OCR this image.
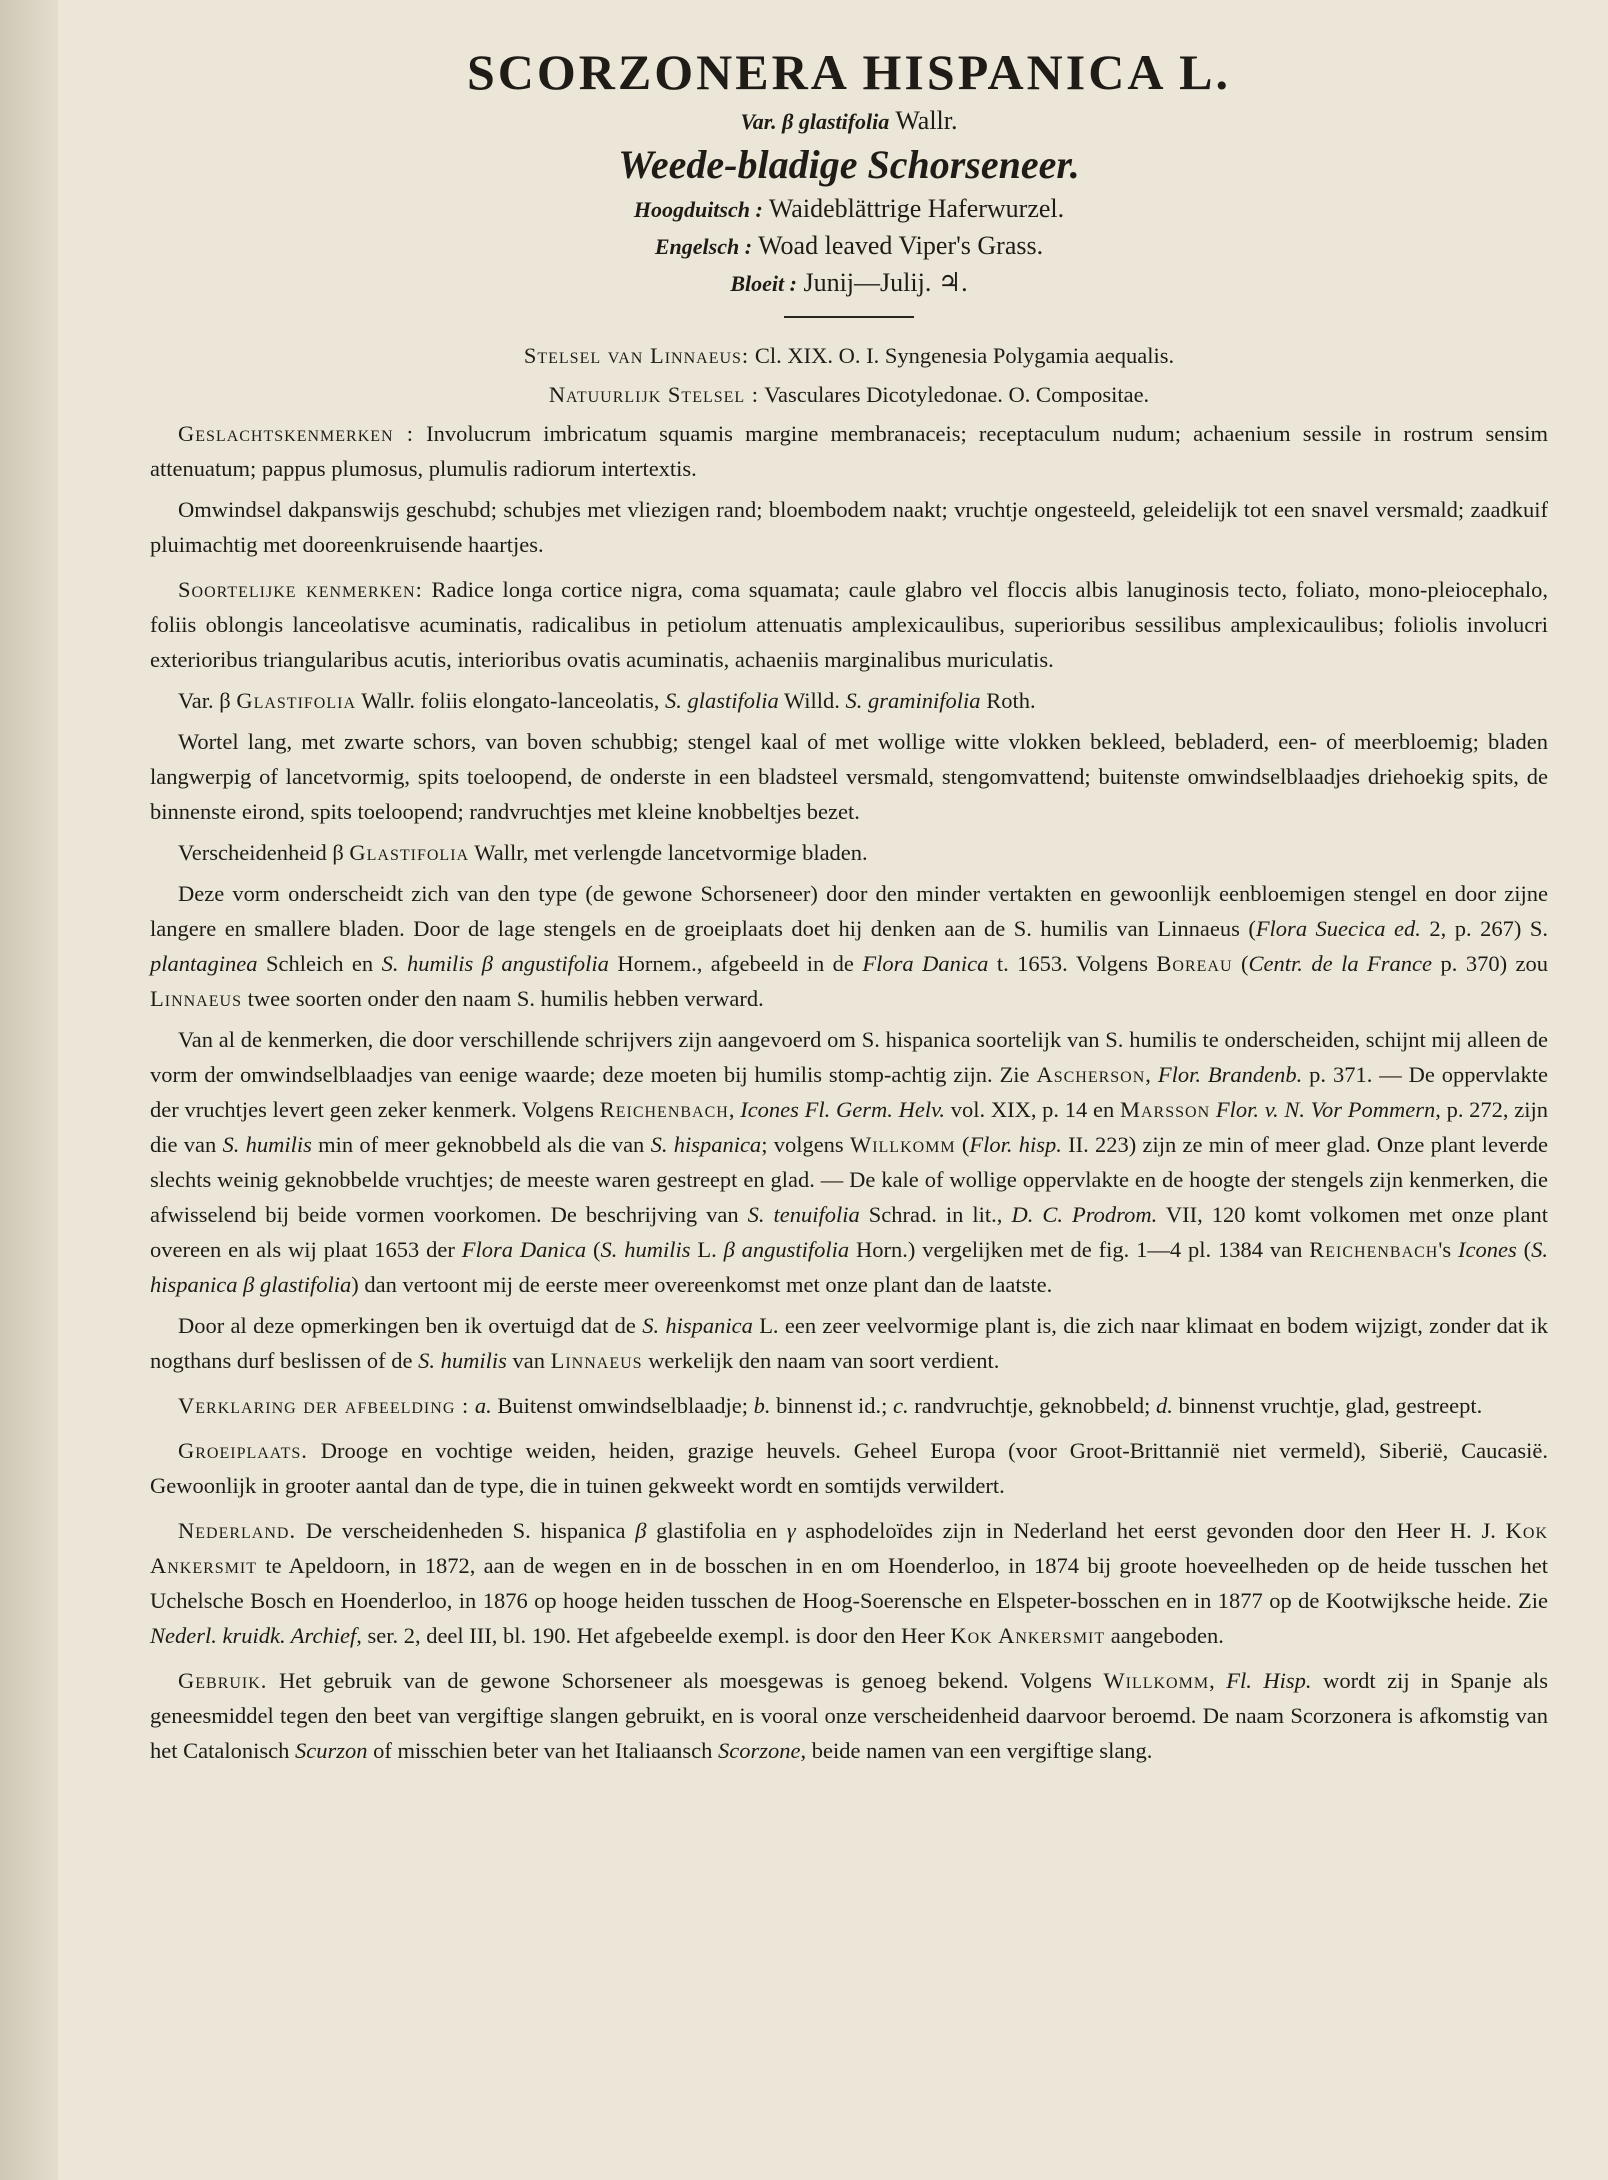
SCORZONERA HISPANICA L.
Var. β glastifolia Wallr.
Weede-bladige Schorseneer.
Hoogduitsch : Waideblättrige Haferwurzel.
Engelsch : Woad leaved Viper's Grass.
Bloeit : Junij—Julij. ♃.
Stelsel van Linnaeus: Cl. XIX. O. I. Syngenesia Polygamia aequalis.
Natuurlijk Stelsel : Vasculares Dicotyledonae. O. Compositae.

Geslachtskenmerken : Involucrum imbricatum squamis margine membranaceis; receptaculum nudum; achaenium sessile in rostrum sensim attenuatum; pappus plumosus, plumulis radiorum intertextis.

Omwindsel dakpanswijs geschubd; schubjes met vliezigen rand; bloembodem naakt; vruchtje ongesteeld, geleidelijk tot een snavel versmald; zaadkuif pluimachtig met dooreenkruisende haartjes.

Soortelijke kenmerken: Radice longa cortice nigra, coma squamata; caule glabro vel floccis albis lanuginosis tecto, foliato, mono-pleiocephalo, foliis oblongis lanceolatisve acuminatis, radicalibus in petiolum attenuatis amplexicaulibus, superioribus sessilibus amplexicaulibus; foliolis involucri exterioribus triangularibus acutis, interioribus ovatis acuminatis, achaeniis marginalibus muriculatis.

Var. β Glastifolia Wallr. foliis elongato-lanceolatis, S. glastifolia Willd. S. graminifolia Roth.

Wortel lang, met zwarte schors, van boven schubbig; stengel kaal of met wollige witte vlokken bekleed, bebladerd, een- of meerbloemig; bladen langwerpig of lancetvormig, spits toeloopend, de onderste in een bladsteel versmald, stengomvattend; buitenste omwindselblaadjes driehoekig spits, de binnenste eirond, spits toeloopend; randvruchtjes met kleine knobbeltjes bezet.

Verscheidenheid β Glastifolia Wallr, met verlengde lancetvormige bladen.

Deze vorm onderscheidt zich van den type (de gewone Schorseneer) door den minder vertakten en gewoonlijk eenbloemigen stengel en door zijne langere en smallere bladen. Door de lage stengels en de groeiplaats doet hij denken aan de S. humilis van Linnaeus (Flora Suecica ed. 2, p. 267) S. plantaginea Schleich en S. humilis β angustifolia Hornem., afgebeeld in de Flora Danica t. 1653. Volgens Boreau (Centr. de la France p. 370) zou Linnaeus twee soorten onder den naam S. humilis hebben verward.

Van al de kenmerken, die door verschillende schrijvers zijn aangevoerd om S. hispanica soortelijk van S. humilis te onderscheiden, schijnt mij alleen de vorm der omwindselblaadjes van eenige waarde; deze moeten bij humilis stomp-achtig zijn. Zie Ascherson, Flor. Brandenb. p. 371. — De oppervlakte der vruchtjes levert geen zeker kenmerk. Volgens Reichenbach, Icones Fl. Germ. Helv. vol. XIX, p. 14 en Marsson Flor. v. N. Vor Pommern, p. 272, zijn die van S. humilis min of meer geknobbeld als die van S. hispanica; volgens Willkomm (Flor. hisp. II. 223) zijn ze min of meer glad. Onze plant leverde slechts weinig geknobbelde vruchtjes; de meeste waren gestreept en glad. — De kale of wollige oppervlakte en de hoogte der stengels zijn kenmerken, die afwisselend bij beide vormen voorkomen. De beschrijving van S. tenuifolia Schrad. in lit., D. C. Prodrom. VII, 120 komt volkomen met onze plant overeen en als wij plaat 1653 der Flora Danica (S. humilis L. β angustifolia Horn.) vergelijken met de fig. 1—4 pl. 1384 van Reichenbach's Icones (S. hispanica β glastifolia) dan vertoont mij de eerste meer overeenkomst met onze plant dan de laatste.

Door al deze opmerkingen ben ik overtuigd dat de S. hispanica L. een zeer veelvormige plant is, die zich naar klimaat en bodem wijzigt, zonder dat ik nogthans durf beslissen of de S. humilis van Linnaeus werkelijk den naam van soort verdient.

Verklaring der afbeelding : a. Buitenst omwindselblaadje; b. binnenst id.; c. randvruchtje, geknobbeld; d. binnenst vruchtje, glad, gestreept.

Groeiplaats. Drooge en vochtige weiden, heiden, grazige heuvels. Geheel Europa (voor Groot-Brittannië niet vermeld), Siberië, Caucasië. Gewoonlijk in grooter aantal dan de type, die in tuinen gekweekt wordt en somtijds verwildert.

Nederland. De verscheidenheden S. hispanica β glastifolia en γ asphodeloïdes zijn in Nederland het eerst gevonden door den Heer H. J. Kok Ankersmit te Apeldoorn, in 1872, aan de wegen en in de bosschen in en om Hoenderloo, in 1874 bij groote hoeveelheden op de heide tusschen het Uchelsche Bosch en Hoenderloo, in 1876 op hooge heiden tusschen de Hoog-Soerensche en Elspeter-bosschen en in 1877 op de Kootwijksche heide. Zie Nederl. kruidk. Archief, ser. 2, deel III, bl. 190. Het afgebeelde exempl. is door den Heer Kok Ankersmit aangeboden.

Gebruik. Het gebruik van de gewone Schorseneer als moesgewas is genoeg bekend. Volgens Willkomm, Fl. Hisp. wordt zij in Spanje als geneesmiddel tegen den beet van vergiftige slangen gebruikt, en is vooral onze verscheidenheid daarvoor beroemd. De naam Scorzonera is afkomstig van het Catalonisch Scurzon of misschien beter van het Italiaansch Scorzone, beide namen van een vergiftige slang.
